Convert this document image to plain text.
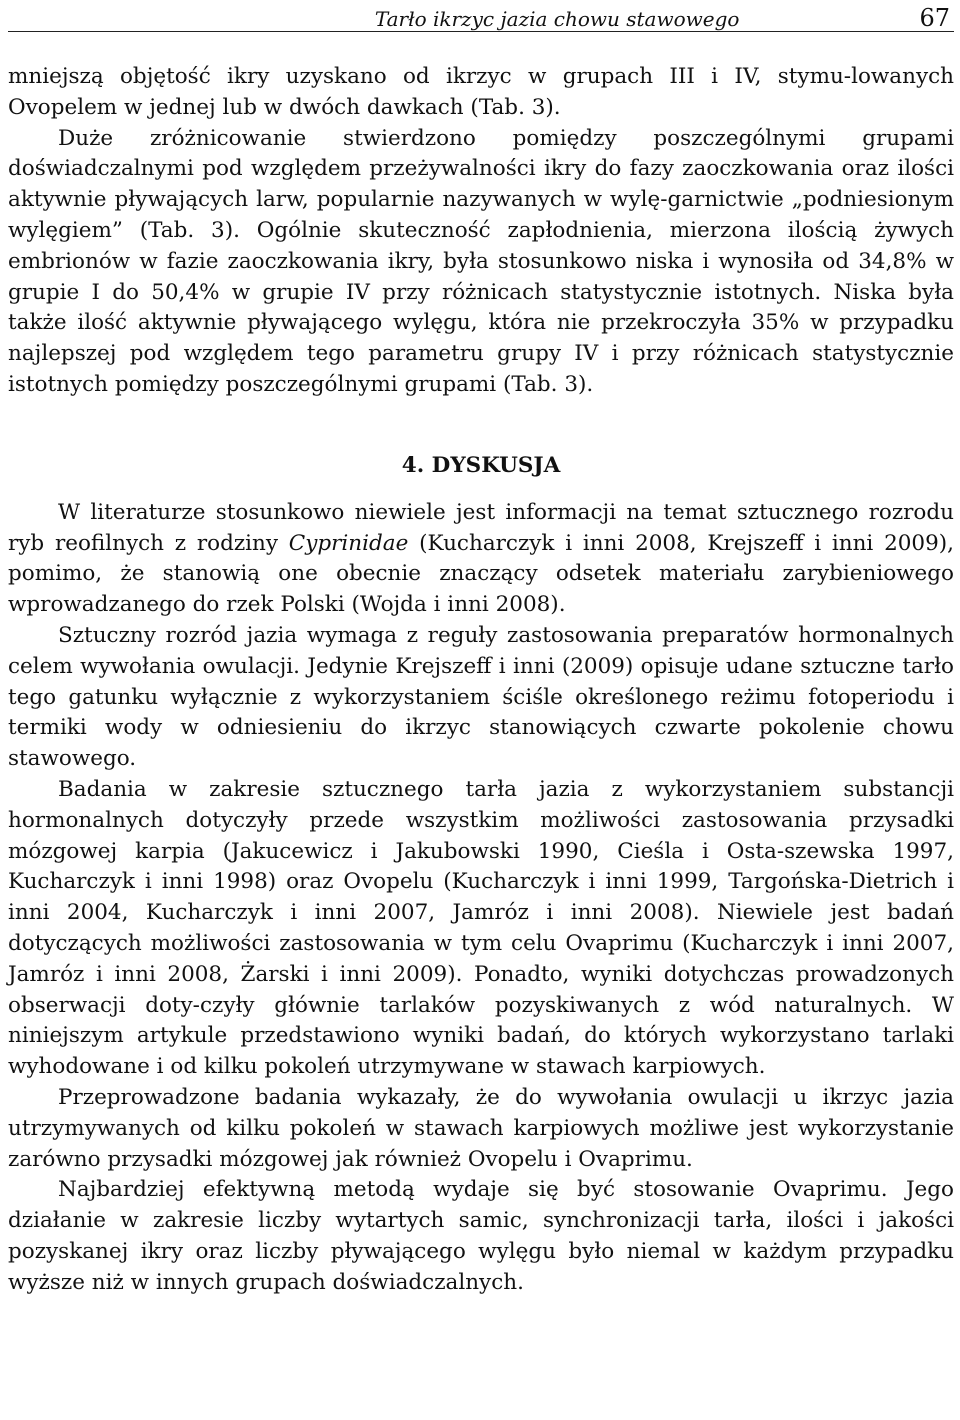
Tarło ikrzyc jazia chowu stawowego	67

mniejszą objętość ikry uzyskano od ikrzyc w grupach III i IV, stymu-lowanych Ovopelem w jednej lub w dwóch dawkach (Tab. 3).

Duże zróżnicowanie stwierdzono pomiędzy poszczególnymi grupami doświadczalnymi pod względem przeżywalności ikry do fazy zaoczkowania oraz ilości aktywnie pływających larw, popularnie nazywanych w wylę-garnictwie „podniesionym wylęgiem” (Tab. 3). Ogólnie skuteczność zapłodnienia, mierzona ilością żywych embrionów w fazie zaoczkowania ikry, była stosunkowo niska i wynosiła od 34,8% w grupie I do 50,4% w grupie IV przy różnicach statystycznie istotnych. Niska była także ilość aktywnie pływającego wylęgu, która nie przekroczyła 35% w przypadku najlepszej pod względem tego parametru grupy IV i przy różnicach statystycznie istotnych pomiędzy poszczególnymi grupami (Tab. 3).

4. DYSKUSJA

W literaturze stosunkowo niewiele jest informacji na temat sztucznego rozrodu ryb reofilnych z rodziny Cyprinidae (Kucharczyk i inni 2008, Krejszeff i inni 2009), pomimo, że stanowią one obecnie znaczący odsetek materiału zarybieniowego wprowadzanego do rzek Polski (Wojda i inni 2008).

Sztuczny rozród jazia wymaga z reguły zastosowania preparatów hormonalnych celem wywołania owulacji. Jedynie Krejszeff i inni (2009) opisuje udane sztuczne tarło tego gatunku wyłącznie z wykorzystaniem ściśle określonego reżimu fotoperiodu i termiki wody w odniesieniu do ikrzyc stanowiących czwarte pokolenie chowu stawowego.

Badania w zakresie sztucznego tarła jazia z wykorzystaniem substancji hormonalnych dotyczyły przede wszystkim możliwości zastosowania przysadki mózgowej karpia (Jakucewicz i Jakubowski 1990, Cieśla i Osta-szewska 1997, Kucharczyk i inni 1998) oraz Ovopelu (Kucharczyk i inni 1999, Targońska-Dietrich i inni 2004, Kucharczyk i inni 2007, Jamróz i inni 2008). Niewiele jest badań dotyczących możliwości zastosowania w tym celu Ovaprimu (Kucharczyk i inni 2007, Jamróz i inni 2008, Żarski i inni 2009). Ponadto, wyniki dotychczas prowadzonych obserwacji doty-czyły głównie tarlaków pozyskiwanych z wód naturalnych. W niniejszym artykule przedstawiono wyniki badań, do których wykorzystano tarlaki wyhodowane i od kilku pokoleń utrzymywane w stawach karpiowych.

Przeprowadzone badania wykazały, że do wywołania owulacji u ikrzyc jazia utrzymywanych od kilku pokoleń w stawach karpiowych możliwe jest wykorzystanie zarówno przysadki mózgowej jak również Ovopelu i Ovaprimu.

Najbardziej efektywną metodą wydaje się być stosowanie Ovaprimu. Jego działanie w zakresie liczby wytartych samic, synchronizacji tarła, ilości i jakości pozyskanej ikry oraz liczby pływającego wylęgu było niemal w każdym przypadku wyższe niż w innych grupach doświadczalnych.
